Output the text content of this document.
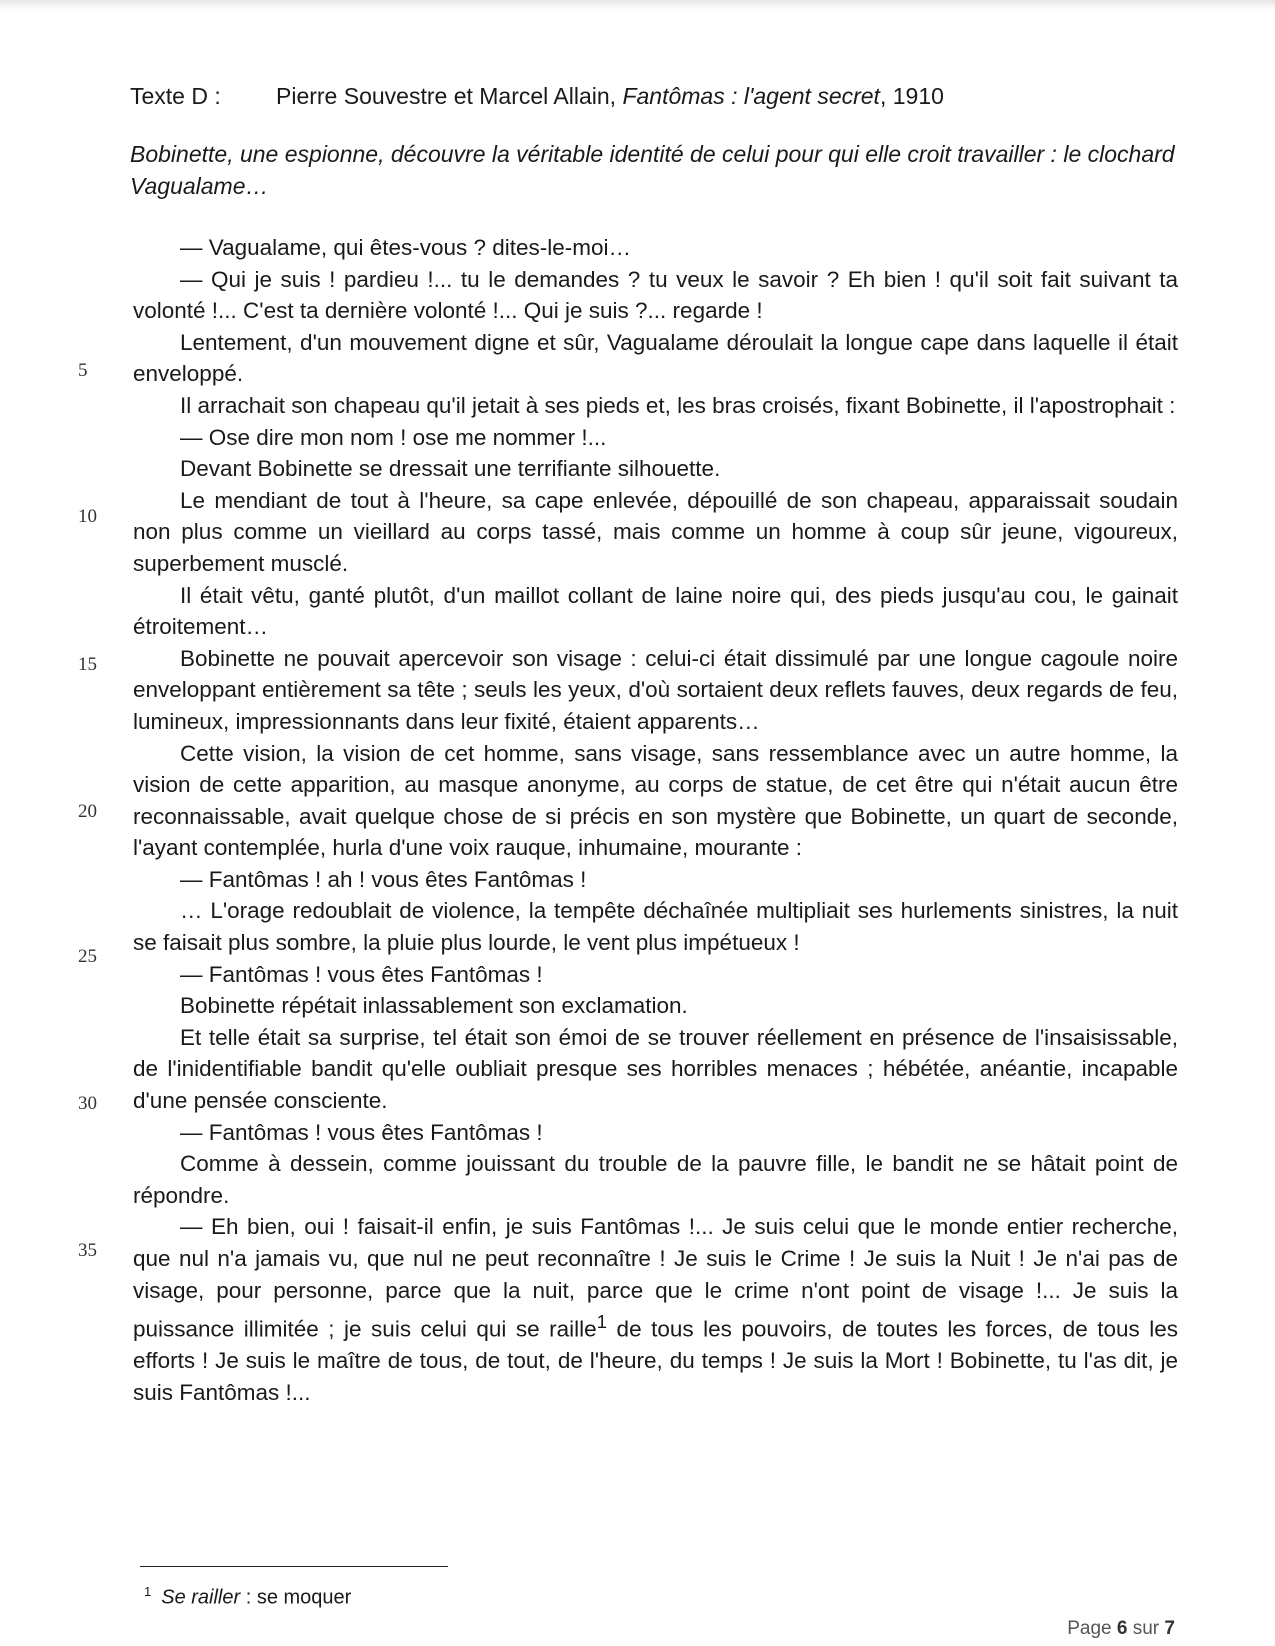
Texte D : Pierre Souvestre et Marcel Allain, Fantômas : l'agent secret, 1910
Bobinette, une espionne, découvre la véritable identité de celui pour qui elle croit travailler : le clochard Vagualame…

— Vagualame, qui êtes-vous ? dites-le-moi…

— Qui je suis ! pardieu !... tu le demandes ? tu veux le savoir ? Eh bien ! qu'il soit fait suivant ta volonté !... C'est ta dernière volonté !... Qui je suis ?... regarde !

Lentement, d'un mouvement digne et sûr, Vagualame déroulait la longue cape dans laquelle il était enveloppé.

Il arrachait son chapeau qu'il jetait à ses pieds et, les bras croisés, fixant Bobinette, il l'apostrophait :

— Ose dire mon nom ! ose me nommer !...

Devant Bobinette se dressait une terrifiante silhouette.

Le mendiant de tout à l'heure, sa cape enlevée, dépouillé de son chapeau, apparaissait soudain non plus comme un vieillard au corps tassé, mais comme un homme à coup sûr jeune, vigoureux, superbement musclé.

Il était vêtu, ganté plutôt, d'un maillot collant de laine noire qui, des pieds jusqu'au cou, le gainait étroitement…

Bobinette ne pouvait apercevoir son visage : celui-ci était dissimulé par une longue cagoule noire enveloppant entièrement sa tête ; seuls les yeux, d'où sortaient deux reflets fauves, deux regards de feu, lumineux, impressionnants dans leur fixité, étaient apparents…

Cette vision, la vision de cet homme, sans visage, sans ressemblance avec un autre homme, la vision de cette apparition, au masque anonyme, au corps de statue, de cet être qui n'était aucun être reconnaissable, avait quelque chose de si précis en son mystère que Bobinette, un quart de seconde, l'ayant contemplée, hurla d'une voix rauque, inhumaine, mourante :

— Fantômas ! ah ! vous êtes Fantômas !

… L'orage redoublait de violence, la tempête déchaînée multipliait ses hurlements sinistres, la nuit se faisait plus sombre, la pluie plus lourde, le vent plus impétueux !

— Fantômas ! vous êtes Fantômas !

Bobinette répétait inlassablement son exclamation.

Et telle était sa surprise, tel était son émoi de se trouver réellement en présence de l'insaisissable, de l'inidentifiable bandit qu'elle oubliait presque ses horribles menaces ; hébétée, anéantie, incapable d'une pensée consciente.

— Fantômas ! vous êtes Fantômas !

Comme à dessein, comme jouissant du trouble de la pauvre fille, le bandit ne se hâtait point de répondre.

— Eh bien, oui ! faisait-il enfin, je suis Fantômas !... Je suis celui que le monde entier recherche, que nul n'a jamais vu, que nul ne peut reconnaître ! Je suis le Crime ! Je suis la Nuit ! Je n'ai pas de visage, pour personne, parce que la nuit, parce que le crime n'ont point de visage !... Je suis la puissance illimitée ; je suis celui qui se raille$^1$ de tous les pouvoirs, de toutes les forces, de tous les efforts ! Je suis le maître de tous, de tout, de l'heure, du temps ! Je suis la Mort ! Bobinette, tu l'as dit, je suis Fantômas !...

5
10
15
20
25
30
35
$^1$ Se railler : se moquer
Page 6 sur 7
